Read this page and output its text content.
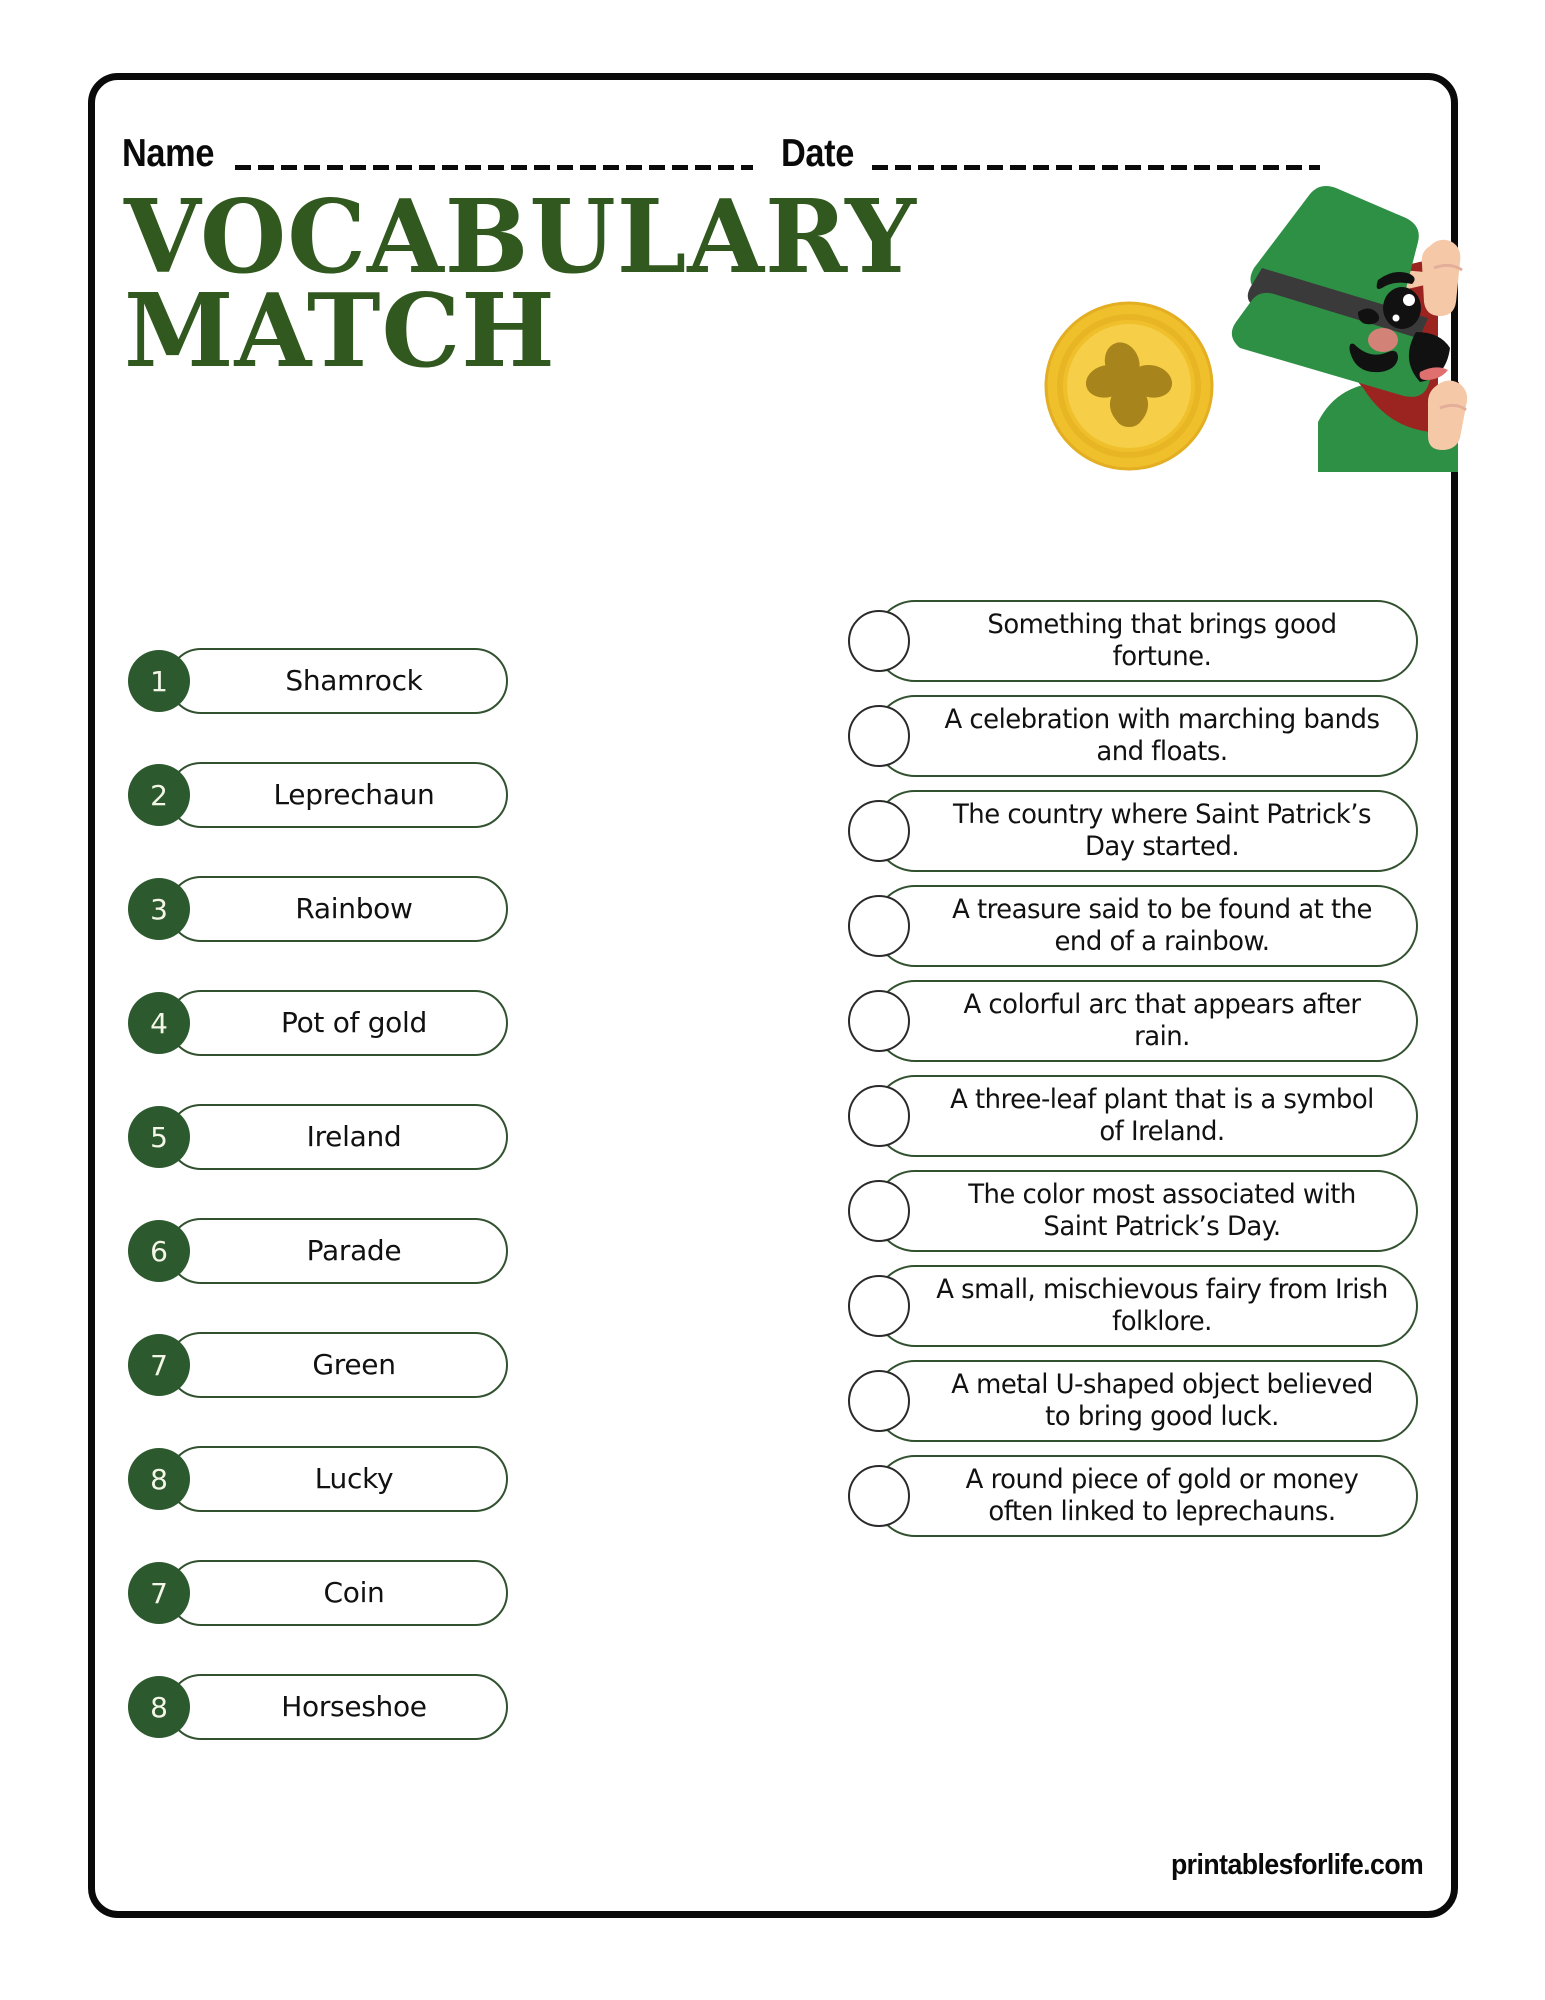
Name	Date
VOCABULARY
MATCH
Shamrock
1
Leprechaun
2
Rainbow
3
Pot of gold
4
Ireland
5
Parade
6
Green
7
Lucky
8
Coin
7
Horseshoe
8
Something that brings good fortune.
A celebration with marching bands and floats.
The country where Saint Patrick’s Day started.
A treasure said to be found at the end of a rainbow.
A colorful arc that appears after rain.
A three-leaf plant that is a symbol of Ireland.
The color most associated with Saint Patrick’s Day.
A small, mischievous fairy from Irish folklore.
A metal U-shaped object believed to bring good luck.
A round piece of gold or money often linked to leprechauns.
printablesforlife.com
